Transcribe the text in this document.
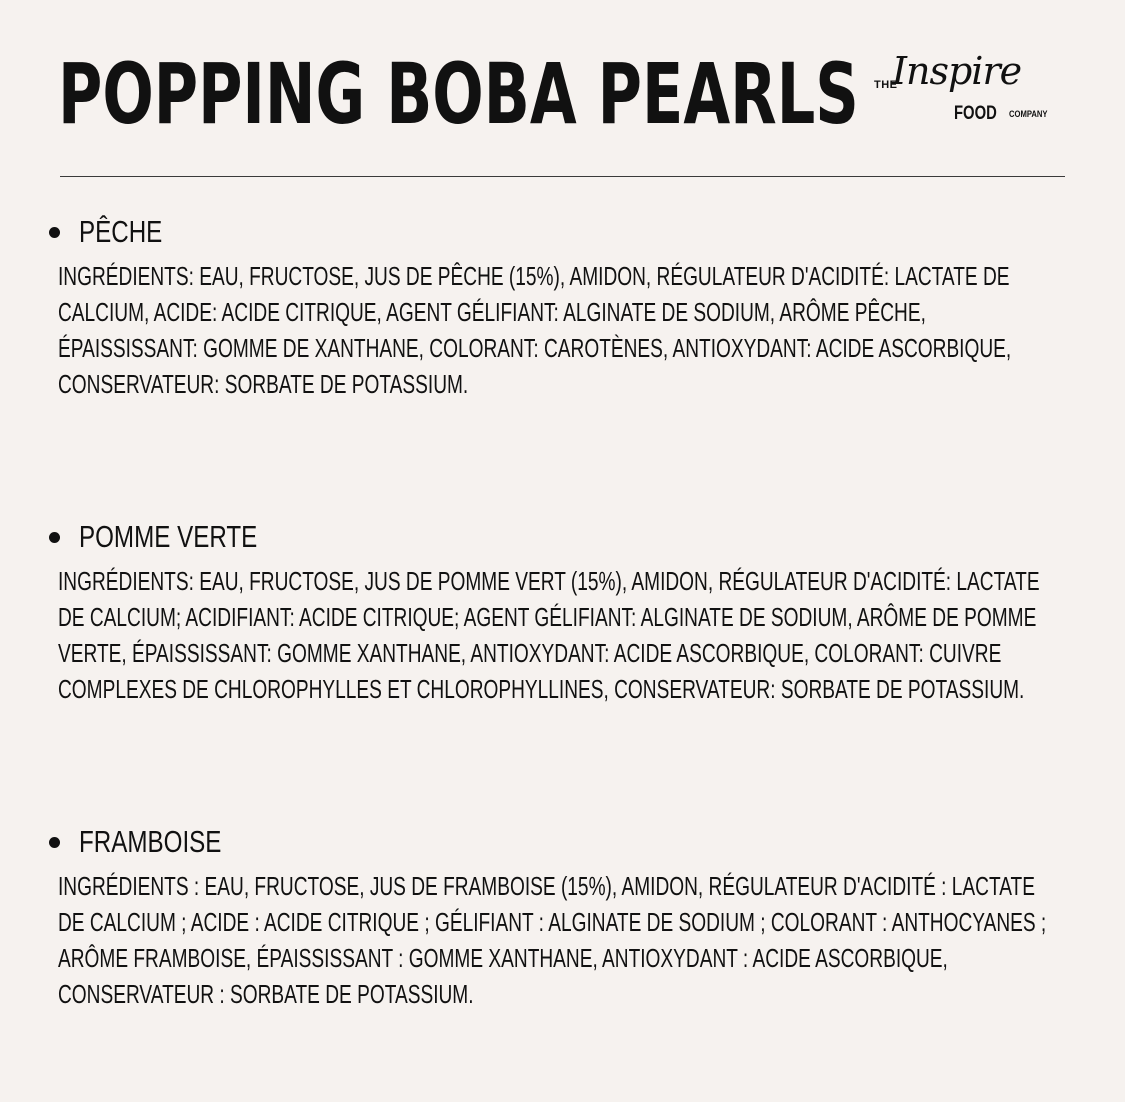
POPPING BOBA PEARLS THE
Inspire
FOOD COMPANY
PÊCHE
INGRÉDIENTS: EAU, FRUCTOSE, JUS DE PÊCHE (15%), AMIDON, RÉGULATEUR D'ACIDITÉ: LACTATE DE
CALCIUM, ACIDE: ACIDE CITRIQUE, AGENT GÉLIFIANT: ALGINATE DE SODIUM, ARÔME PÊCHE,
ÉPAISSISSANT: GOMME DE XANTHANE, COLORANT: CAROTÈNES, ANTIOXYDANT: ACIDE ASCORBIQUE,
CONSERVATEUR: SORBATE DE POTASSIUM.
POMME VERTE
INGRÉDIENTS: EAU, FRUCTOSE, JUS DE POMME VERT (15%), AMIDON, RÉGULATEUR D'ACIDITÉ: LACTATE
DE CALCIUM; ACIDIFIANT: ACIDE CITRIQUE; AGENT GÉLIFIANT: ALGINATE DE SODIUM, ARÔME DE POMME
VERTE, ÉPAISSISSANT: GOMME XANTHANE, ANTIOXYDANT: ACIDE ASCORBIQUE, COLORANT: CUIVRE
COMPLEXES DE CHLOROPHYLLES ET CHLOROPHYLLINES, CONSERVATEUR: SORBATE DE POTASSIUM.
FRAMBOISE
INGRÉDIENTS : EAU, FRUCTOSE, JUS DE FRAMBOISE (15%), AMIDON, RÉGULATEUR D'ACIDITÉ : LACTATE
DE CALCIUM ; ACIDE : ACIDE CITRIQUE ; GÉLIFIANT : ALGINATE DE SODIUM ; COLORANT : ANTHOCYANES ;
ARÔME FRAMBOISE, ÉPAISSISSANT : GOMME XANTHANE, ANTIOXYDANT : ACIDE ASCORBIQUE,
CONSERVATEUR : SORBATE DE POTASSIUM.
